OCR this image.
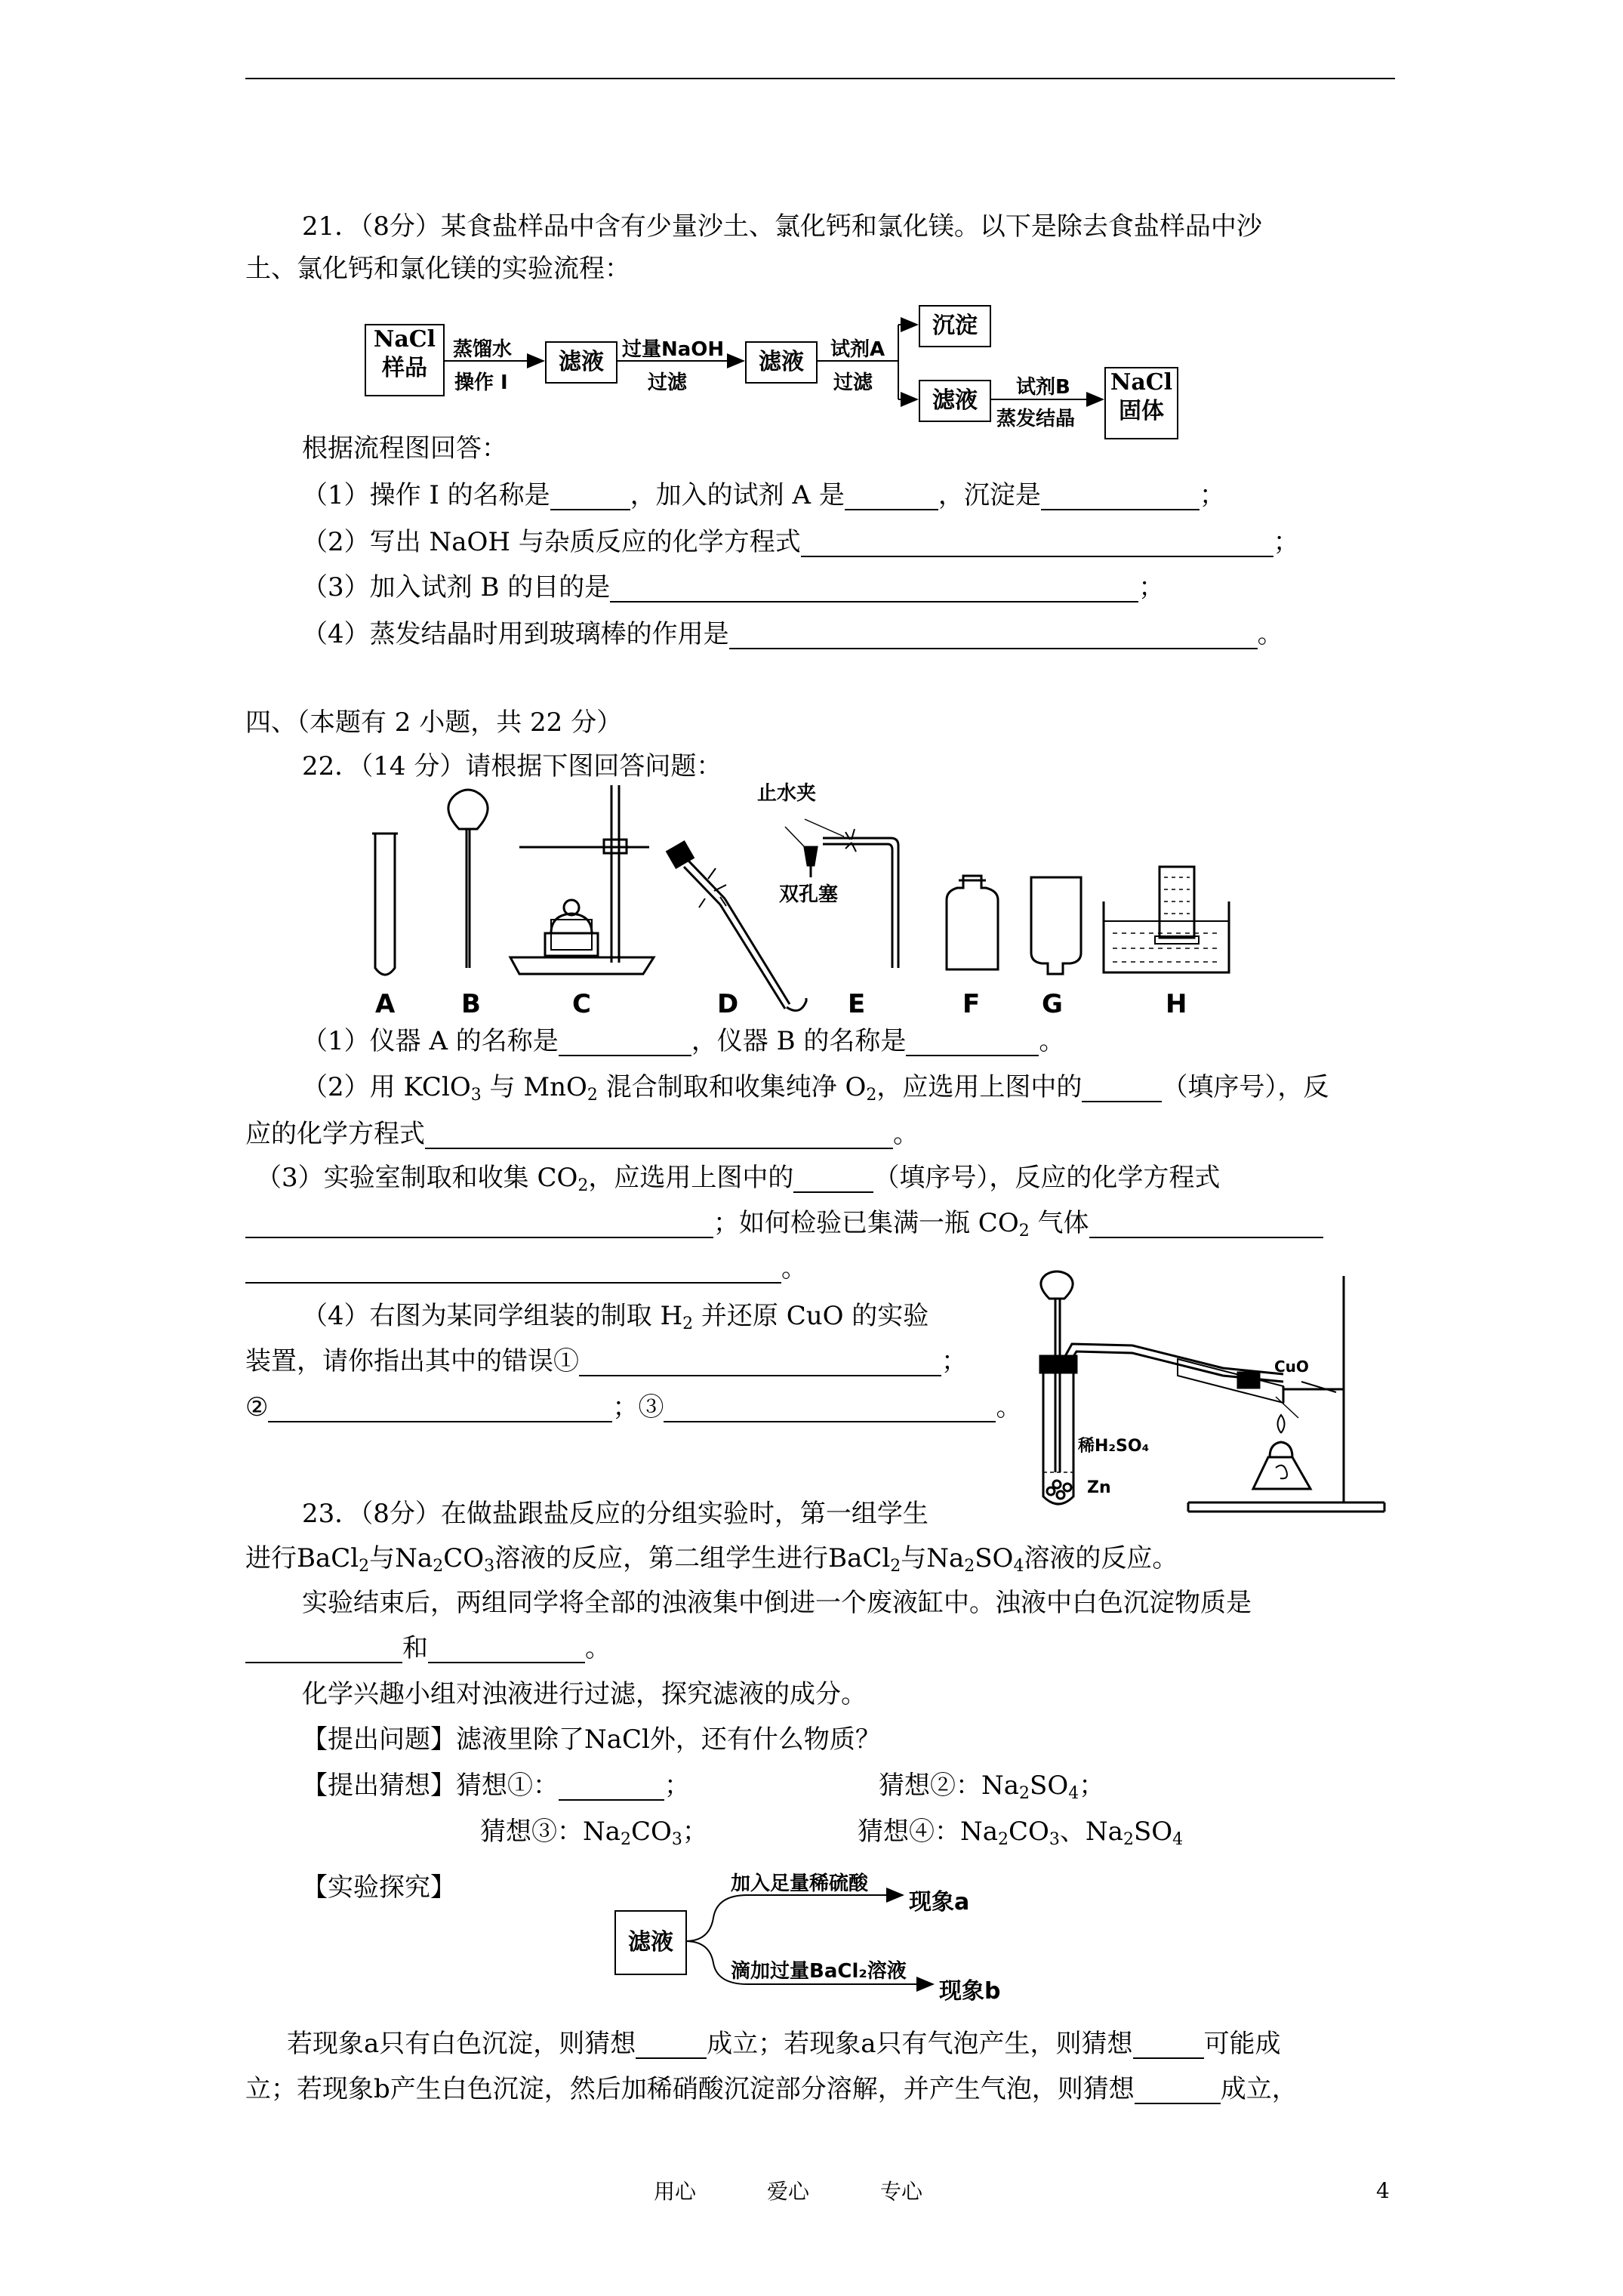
21．（8分）某食盐样品中含有少量沙土、氯化钙和氯化镁。以下是除去食盐样品中沙
土、氯化钙和氯化镁的实验流程：
NaCl
样品
蒸馏水
操作 I
滤液 过量NaOH
过滤
滤液	试剂A
过滤
沉淀
滤液	试剂B
蒸发结晶
NaCl
固体
根据流程图回答：
（1）操作 I 的名称是	，加入的试剂 A 是	，沉淀是	；
（2）写出 NaOH 与杂质反应的化学方程式	；
（3）加入试剂 B 的目的是	；
（4）蒸发结晶时用到玻璃棒的作用是	。
四、（本题有 2 小题，共 22 分）
22．（14 分）请根据下图回答问题：
止水夹
双孔塞
A	B	C	D	E	F G	H
（1）仪器 A 的名称是	，仪器 B 的名称是	。
（2）用 KClO$_3$ 与 MnO$_2$ 混合制取和收集纯净 $O_2$，应选用上图中的	（填序号），反
应的化学方程式	。
（3）实验室制取和收集 $CO_2$，应选用上图中的	（填序号），反应的化学方程式
；如何检验已集满一瓶 $CO_2$ 气体
。
（4）右图为某同学组装的制取 $H_2$ 并还原 CuO 的实验
装置，请你指出其中的错误①	；
②	；③	。
CuO
稀H₂SO₄
Zn
23．（8分）在做盐跟盐反应的分组实验时，第一组学生
进行BaCl$_2$与$Na_2CO_3$溶液的反应，第二组学生进行BaCl$_2$与$Na_2SO_4$溶液的反应。
实验结束后，两组同学将全部的浊液集中倒进一个废液缸中。浊液中白色沉淀物质是
和	。
化学兴趣小组对浊液进行过滤，探究滤液的成分。
【提出问题】滤液里除了NaCl外，还有什么物质？
【提出猜想】猜想①：	；	猜想②：$Na_2SO_4$；
猜想③：$Na_2CO_3$；	猜想④：$Na_2CO_3$、$Na_2SO_4$
【实验探究】
滤液
加入足量稀硫酸
现象a
滴加过量BaCl₂溶液
现象b
若现象a只有白色沉淀，则猜想	成立；若现象a只有气泡产生，则猜想	可能成
立；若现象b产生白色沉淀，然后加稀硝酸沉淀部分溶解，并产生气泡，则猜想	成立，
用心	爱心	专心	4
